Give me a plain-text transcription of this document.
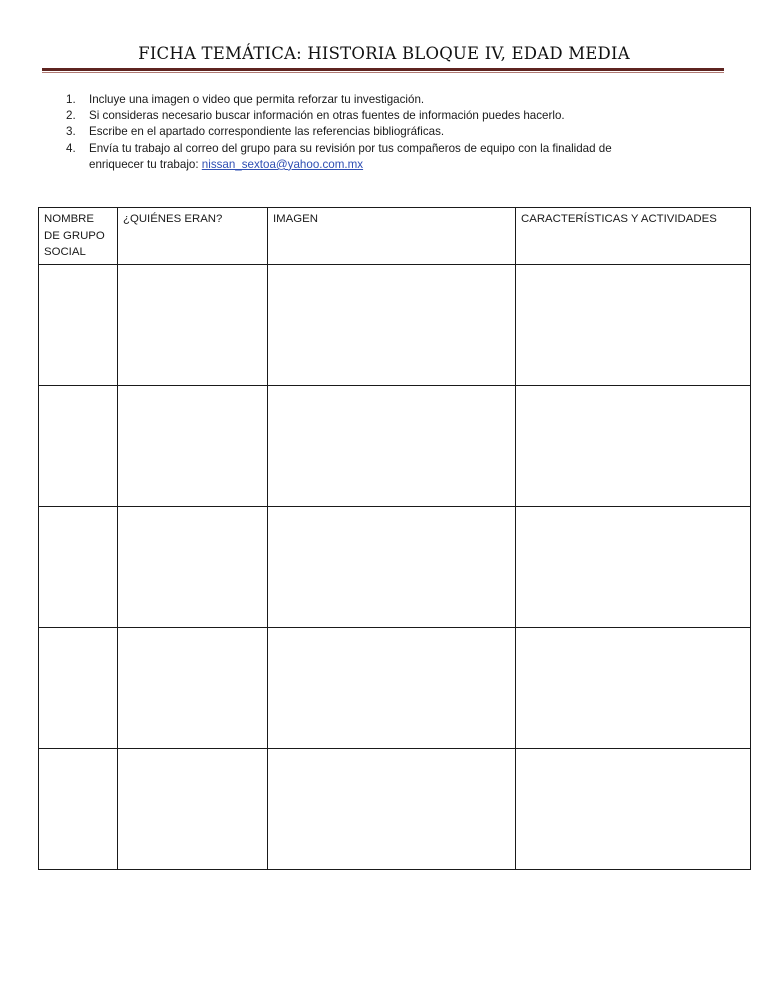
FICHA TEMÁTICA: HISTORIA BLOQUE IV, EDAD MEDIA
1. Incluye una imagen o video que permita reforzar tu investigación.
2. Si consideras necesario buscar información en otras fuentes de información puedes hacerlo.
3. Escribe en el apartado correspondiente las referencias bibliográficas.
4. Envía tu trabajo al correo del grupo para su revisión por tus compañeros de equipo con la finalidad de
enriquecer tu trabajo: nissan_sextoa@yahoo.com.mx
NOMBRE DE GRUPO SOCIAL	¿QUIÉNES ERAN?	IMAGEN	CARACTERÍSTICAS Y ACTIVIDADES
